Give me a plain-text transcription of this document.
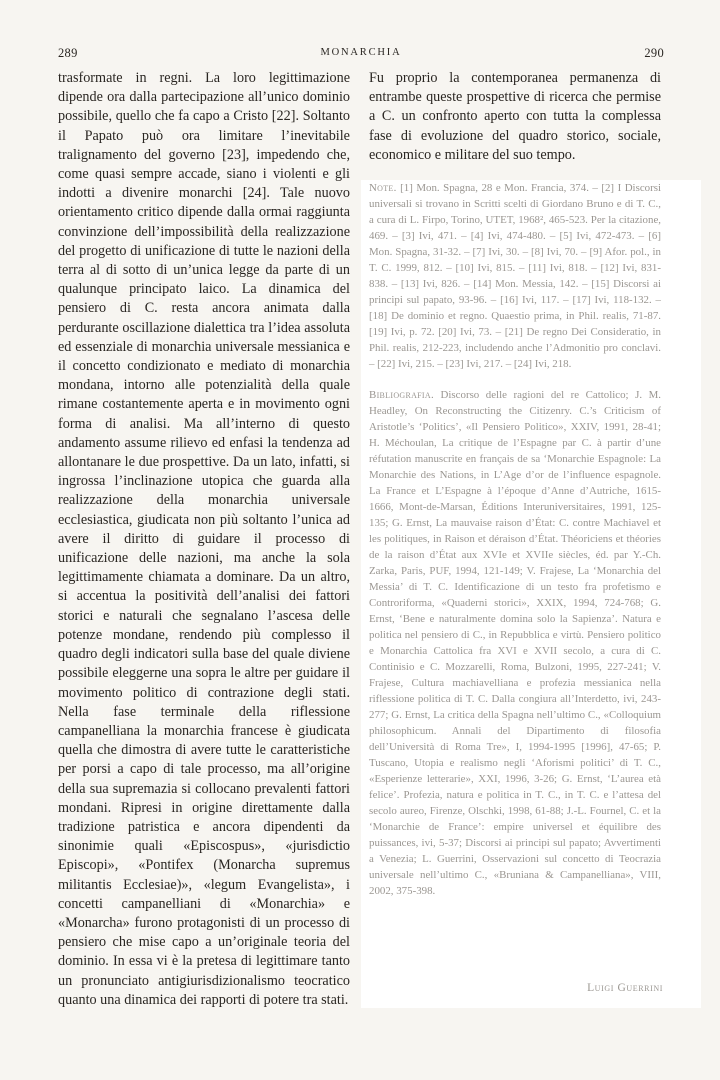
289	MONARCHIA	290

trasformate in regni. La loro legittimazione dipende ora dalla partecipazione all’unico dominio possibile, quello che fa capo a Cristo [22]. Soltanto il Papato può ora limitare l’inevitabile tralignamento del governo [23], impedendo che, come quasi sempre accade, siano i violenti e gli indotti a divenire monarchi [24]. Tale nuovo orientamento critico dipende dalla ormai raggiunta convinzione dell’impossibilità della realizzazione del progetto di unificazione di tutte le nazioni della terra al di sotto di un’unica legge da parte di un qualunque principato laico. La dinamica del pensiero di C. resta ancora animata dalla perdurante oscillazione dialettica tra l’idea assoluta ed essenziale di monarchia universale messianica e il concetto condizionato e mediato di monarchia mondana, intorno alle potenzialità della quale rimane costantemente aperta e in movimento ogni forma di analisi. Ma all’interno di questo andamento assume rilievo ed enfasi la tendenza ad allontanare le due prospettive. Da un lato, infatti, si ingrossa l’inclinazione utopica che guarda alla realizzazione della monarchia universale ecclesiastica, giudicata non più soltanto l’unica ad avere il diritto di guidare il processo di unificazione delle nazioni, ma anche la sola legittimamente chiamata a dominare. Da un altro, si accentua la positività dell’analisi dei fattori storici e naturali che segnalano l’ascesa delle potenze mondane, rendendo più complesso il quadro degli indicatori sulla base del quale diviene possibile eleggerne una sopra le altre per guidare il movimento politico di contrazione degli stati. Nella fase terminale della riflessione campanelliana la monarchia francese è giudicata quella che dimostra di avere tutte le caratteristiche per porsi a capo di tale processo, ma all’origine della sua supremazia si collocano prevalenti fattori mondani. Ripresi in origine direttamente dalla tradizione patristica e ancora dipendenti da sinonimie quali «Episcospus», «jurisdictio Episcopi», «Pontifex (Monarcha supremus militantis Ecclesiae)», «legum Evangelista», i concetti campanelliani di «Monarchia» e «Monarcha» furono protagonisti di un processo di pensiero che mise capo a un’originale teoria del dominio. In essa vi è la pretesa di legittimare tanto un pronunciato antigiurisdizionalismo teocratico quanto una dinamica dei rapporti di potere tra stati.

Fu proprio la contemporanea permanenza di entrambe queste prospettive di ricerca che permise a C. un confronto aperto con tutta la complessa fase di evoluzione del quadro storico, sociale, economico e militare del suo tempo.

Note. [1] Mon. Spagna, 28 e Mon. Francia, 374. – [2] I Discorsi universali si trovano in Scritti scelti di Giordano Bruno e di T. C., a cura di L. Firpo, Torino, UTET, 1968², 465-523. Per la citazione, 469. – [3] Ivi, 471. – [4] Ivi, 474-480. – [5] Ivi, 472-473. – [6] Mon. Spagna, 31-32. – [7] Ivi, 30. – [8] Ivi, 70. – [9] Afor. pol., in T. C. 1999, 812. – [10] Ivi, 815. – [11] Ivi, 818. – [12] Ivi, 831-838. – [13] Ivi, 826. – [14] Mon. Messia, 142. – [15] Discorsi ai principi sul papato, 93-96. – [16] Ivi, 117. – [17] Ivi, 118-132. – [18] De dominio et regno. Quaestio prima, in Phil. realis, 71-87. [19] Ivi, p. 72. [20] Ivi, 73. – [21] De regno Dei Consideratio, in Phil. realis, 212-223, includendo anche l’Admonitio pro conclavi. – [22] Ivi, 215. – [23] Ivi, 217. – [24] Ivi, 218.

Bibliografia. Discorso delle ragioni del re Cattolico; J. M. Headley, On Reconstructing the Citizenry. C.’s Criticism of Aristotle’s ‘Politics’, «Il Pensiero Politico», XXIV, 1991, 28-41; H. Méchoulan, La critique de l’Espagne par C. à partir d’une réfutation manuscrite en français de sa ‘Monarchie Espagnole: La Monarchie des Nations, in L’Age d’or de l’influence espagnole. La France et L’Espagne à l’époque d’Anne d’Autriche, 1615-1666, Mont-de-Marsan, Éditions Interuniversitaires, 1991, 125-135; G. Ernst, La mauvaise raison d’État: C. contre Machiavel et les politiques, in Raison et déraison d’État. Théoriciens et théories de la raison d’État aux XVIe et XVIIe siècles, éd. par Y.-Ch. Zarka, Paris, PUF, 1994, 121-149; V. Frajese, La ‘Monarchia del Messia’ di T. C. Identificazione di un testo fra profetismo e Controriforma, «Quaderni storici», XXIX, 1994, 724-768; G. Ernst, ‘Bene e naturalmente domina solo la Sapienza’. Natura e politica nel pensiero di C., in Repubblica e virtù. Pensiero politico e Monarchia Cattolica fra XVI e XVII secolo, a cura di C. Continisio e C. Mozzarelli, Roma, Bulzoni, 1995, 227-241; V. Frajese, Cultura machiavelliana e profezia messianica nella riflessione politica di T. C. Dalla congiura all’Interdetto, ivi, 243-277; G. Ernst, La critica della Spagna nell’ultimo C., «Colloquium philosophicum. Annali del Dipartimento di filosofia dell’Università di Roma Tre», I, 1994-1995 [1996], 47-65; P. Tuscano, Utopia e realismo negli ‘Aforismi politici’ di T. C., «Esperienze letterarie», XXI, 1996, 3-26; G. Ernst, ‘L’aurea età felice’. Profezia, natura e politica in T. C., in T. C. e l’attesa del secolo aureo, Firenze, Olschki, 1998, 61-88; J.-L. Fournel, C. et la ‘Monarchie de France’: empire universel et équilibre des puissances, ivi, 5-37; Discorsi ai principi sul papato; Avvertimenti a Venezia; L. Guerrini, Osservazioni sul concetto di Teocrazia universale nell’ultimo C., «Bruniana & Campanelliana», VIII, 2002, 375-398.

Luigi Guerrini
